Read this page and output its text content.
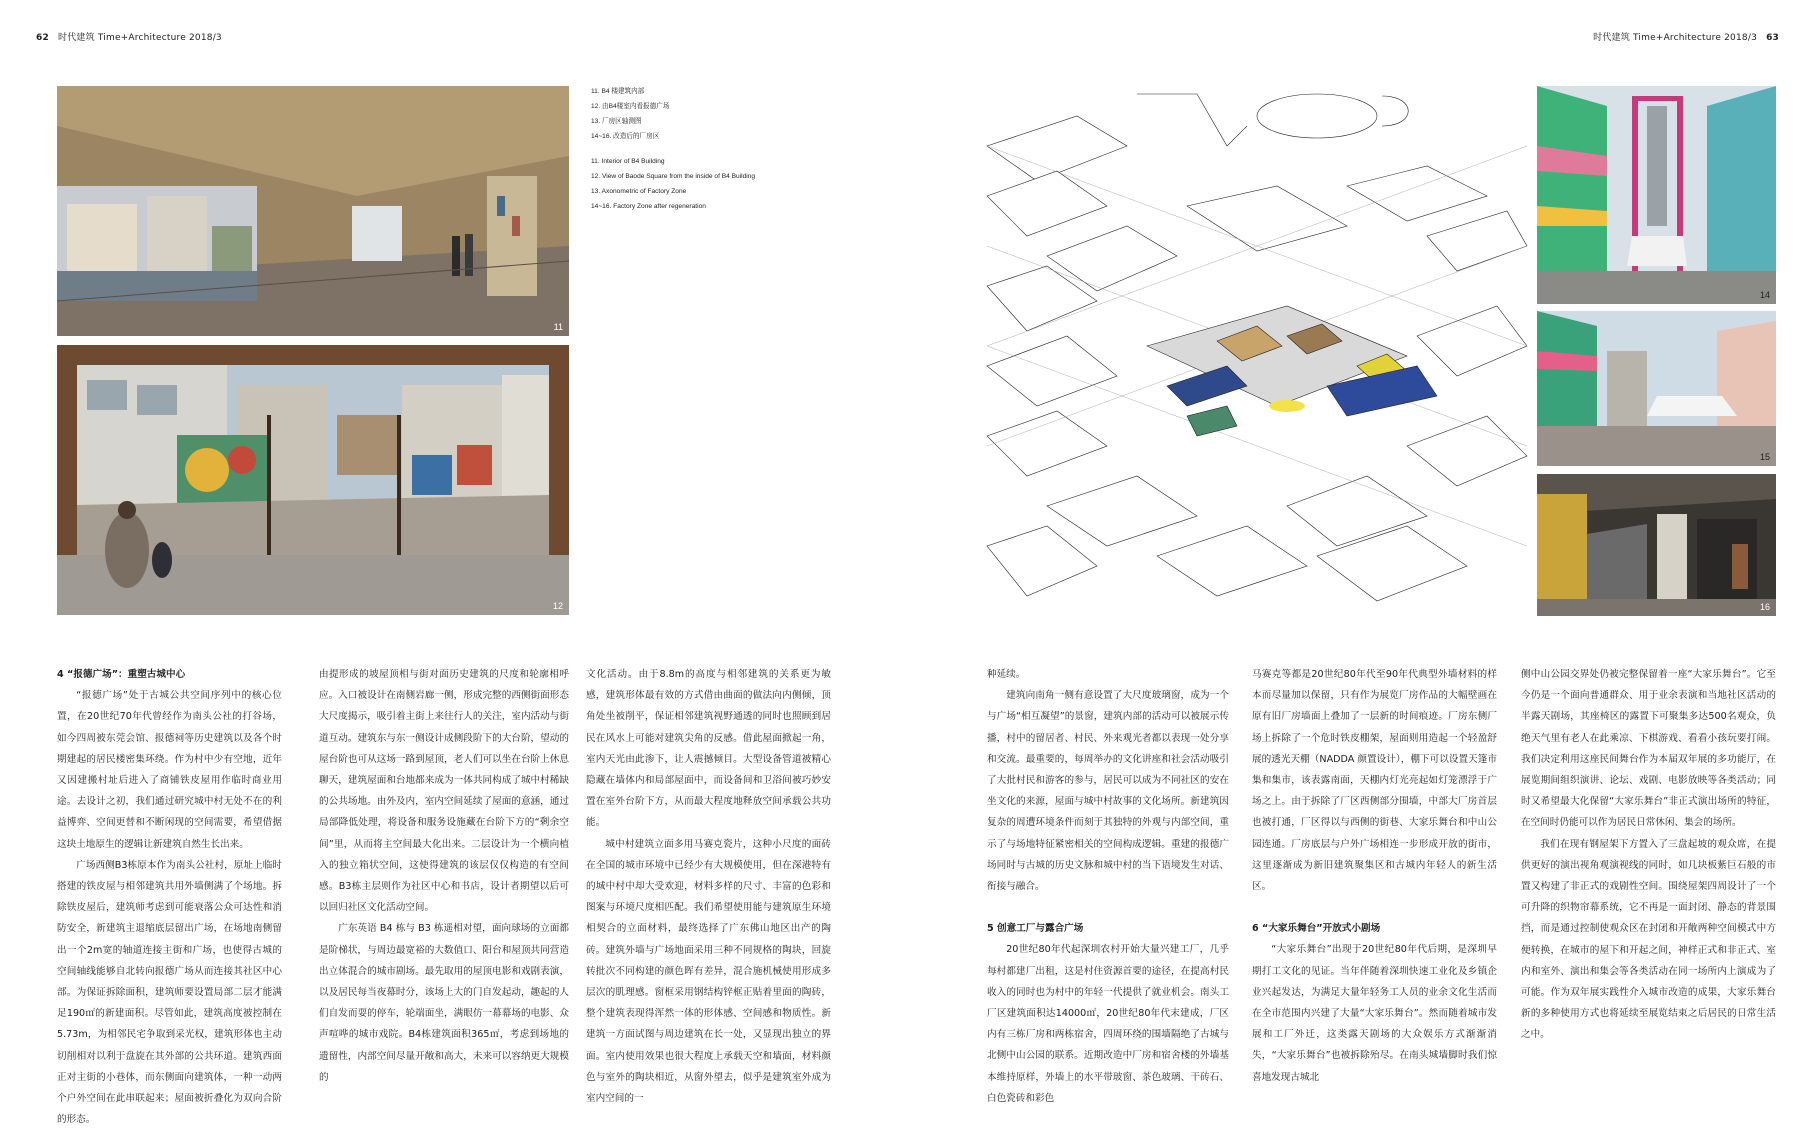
62 时代建筑 Time+Architecture 2018/3	时代建筑 Time+Architecture 2018/3 63
11
12
11. B4 楼建筑内部
12. 由B4楼室内看报德广场
13. 厂房区轴测图
14~16. 改造后的厂房区
11. Interior of B4 Building
12. View of Baode Square from the inside of B4 Building
13. Axonometric of Factory Zone
14~16. Factory Zone after regeneration
14
15
16
4 “报德广场”：重塑古城中心

“报德广场”处于古城公共空间序列中的核心位置，在20世纪70年代曾经作为南头公社的打谷场，如今四周被东莞会馆、报德祠等历史建筑以及各个时期建起的居民楼密集环绕。作为村中少有空地，近年又因建搬村址后进入了商铺铁皮屋用作临时商业用途。去设计之初，我们通过研究城中村无处不在的利益博弈、空间更替和不断闲现的空间需要，希望借据这块土地原生的逻辑让新建筑自然生长出来。

广场西侧B3栋原本作为南头公社村，原址上临时搭建的铁皮屋与相邻建筑共用外墙侧满了个场地。拆除铁皮屋后，建筑师考虑到可能衰落公众可达性和消防安全，新建筑主退缩底层留出广场，在场地南侧留出一个2m宽的轴道连接主街和广场，也使得古城的空间轴线能够自北转向报德广场从而连接其社区中心部。为保证拆除面积，建筑师要设置局部二层才能满足190㎡的新建面积。尽管如此，建筑高度被控制在5.73m，为相邻民宅争取到采光权，建筑形体也主动切削相对以利于盘旋在其外部的公共环道。建筑西面正对主街的小巷体，而东侧面向建筑体，一种一动两个户外空间在此串联起来；屋面被折叠化为双向合阶的形态。

由提形成的坡屋顶相与街对面历史建筑的尺度和轮廓相呼应。入口被设计在南侧岩廊一侧，形成完整的西侧街面形态大尺度揭示，吸引着主街上来往行人的关注，室内活动与街道互动。建筑东与东一侧设计成侧段阶下的大台阶，望动的屋台阶也可从这场一路到屋顶，老人们可以坐在台阶上休息聊天，建筑屋面和台地都来成为一体共同构成了城中村稀缺的公共场地。由外及内，室内空间延续了屋面的意涵，通过局部降低处理，将设备和服务设施藏在台阶下方的“剩余空间”里，从而将主空间最大化出来。二层设计为一个横向植入的独立箱状空间，这使得建筑的该层仅仅构造的有空间感。B3栋主层则作为社区中心和书店，设计者期望以后可以回归社区文化活动空间。

广东英语 B4 栋与 B3 栋遥相对望，面向球场的立面都是阶梯状，与周边最宽裕的大数值口、阳台和屋顶共同营造出立体混合的城市剧场。最先取用的屋顶电影和戏剧表演，以及居民每当夜幕时分，该场上大的门自发起动，趣起的人们自发而耍的停车，轮端面坐，满眼仿一幕幕场的电影、众声喧哗的城市戏院。B4栋建筑面积365㎡，考虑到场地的遗留性，内部空间尽量开敞和高大，未来可以容纳更大规模的

文化活动。由于8.8m的高度与相邻建筑的关系更为敏感，建筑形体最有效的方式借由曲面的做法向内侧倾，顶角处坐被削平，保证相邻建筑视野通透的同时也照顾到居民在风水上可能对建筑尖角的反感。借此屋面掀起一角，室内天光由此渗下，让人震撼倾目。大型设备管道被精心隐藏在墙体内和局部屋面中，而设备间和卫浴间被巧妙安置在室外台阶下方，从而最大程度地释放空间承载公共功能。

城中村建筑立面多用马赛克瓷片，这种小尺度的面砖在全国的城市环境中已经少有大规模使用，但在深港特有的城中村中却大受欢迎，材料多样的尺寸、丰富的色彩和图案与环境尺度相匹配。我们希望使用能与建筑原生环境相契合的立面材料，最终选择了广东佛山地区出产的陶砖。建筑外墙与广场地面采用三种不同规格的陶块，回旋转批次不同构建的颜色晖有差异，混合施机械使用形成多层次的肌理感。窗框采用钢结构锌框正贴着里面的陶砖，整个建筑表现得浑然一体的形体感、空间感和物质性。新建筑一方面试图与周边建筑在长一处，又显现出独立的界面。室内使用效果也很大程度上承载天空和墙面，材料颜色与室外的陶块相近，从窗外望去，似乎是建筑室外成为室内空间的一

种延续。

建筑向南角一侧有意设置了大尺度玻璃窗，成为一个与广场“相互凝望”的景窗，建筑内部的活动可以被展示传播，村中的留居者、村民、外来观光者都以表现一处分享和交流。最重要的，每周举办的文化讲座和社会活动吸引了大批村民和游客的参与，居民可以成为不同社区的安在坐文化的来源，屋面与城中村故事的文化场所。新建筑因复杂的周遭环境条件而刻于其独特的外观与内部空间，重示了与场地特征紧密相关的空间构成逻辑。重建的报德广场同时与古城的历史文脉和城中村的当下语境发生对话、衔接与融合。

5 创意工厂与露合广场

20世纪80年代起深圳农村开始大量兴建工厂，几乎每村都建厂出租，这是村住资源首要的途径，在提高村民收入的同时也为村中的年轻一代提供了就业机会。南头工厂区建筑面积达14000㎡，20世纪80年代末建成，厂区内有三栋厂房和两栋宿舍，四周环绕的围墙隔绝了古城与北侧中山公园的联系。近期改造中厂房和宿舍楼的外墙基本维持原样，外墙上的水平带玻窗、茶色玻璃、干砖石、白色瓷砖和彩色

马赛克等都是20世纪80年代至90年代典型外墙材料的样本而尽量加以保留，只有作为展览厂房作品的大幅壁画在原有旧厂房墙面上叠加了一层新的时间痕迹。厂房东侧厂场上拆除了一个危时铁皮棚架，屋面则用造起一个轻盈舒展的透光天棚（NADDA 颜置设计），棚下可以设置天篷市集和集市，该表露南面，天棚内灯光亮起如灯笼漂浮于广场之上。由于拆除了厂区西侧部分围墙，中部大厂房首层也被打通，厂区得以与西侧的街巷、大家乐舞台和中山公园连通。厂房底层与户外广场相连一步形成开放的街市，这里逐渐成为新旧建筑聚集区和古城内年轻人的新生活区。

6 “大家乐舞台”开放式小剧场

“大家乐舞台”出现于20世纪80年代后期，是深圳早期打工文化的见证。当年伴随着深圳快速工业化及乡镇企业兴起发达，为满足大量年轻务工人员的业余文化生活而在全市范围内兴建了大量“大家乐舞台”。然而随着城市发展和工厂外迁，这类露天剧场的大众娱乐方式渐渐消失，“大家乐舞台”也被拆除殆尽。在南头城墙脚时我们惊喜地发现古城北

侧中山公园交界处仍被完整保留着一座“大家乐舞台”。它至今仍是一个面向普通群众、用于业余表演和当地社区活动的半露天剧场，其座椅区的露置下可聚集多达500名观众，负绝天气里有老人在此乘凉、下棋游戏、看看小孩玩要打闹。我们决定利用这座民间舞台作为本届双年展的多功能厅，在展览期间组织演讲、论坛、戏剧、电影放映等各类活动；同时又希望最大化保留“大家乐舞台”非正式演出场所的特征，在空间时仍能可以作为居民日常休闲、集会的场所。

我们在现有钢屋架下方置入了三盘起坡的观众席，在提供更好的演出视角观演视线的同时，如几块板紫巨石般的市置又构建了非正式的戏剧性空间。围绕屋架四周设计了一个可升降的织物帘幕系统，它不再是一面封闭、静态的背景围挡，而是通过控制使观众区在封闭和开敞两种空间模式中方便转换，在城市的屋下和开起之间，神样正式和非正式、室内和室外、演出和集会等各类活动在同一场所内上演成为了可能。作为双年展实践性介入城市改造的成果，大家乐舞台新的多种使用方式也将延续至展览结束之后居民的日常生活之中。
